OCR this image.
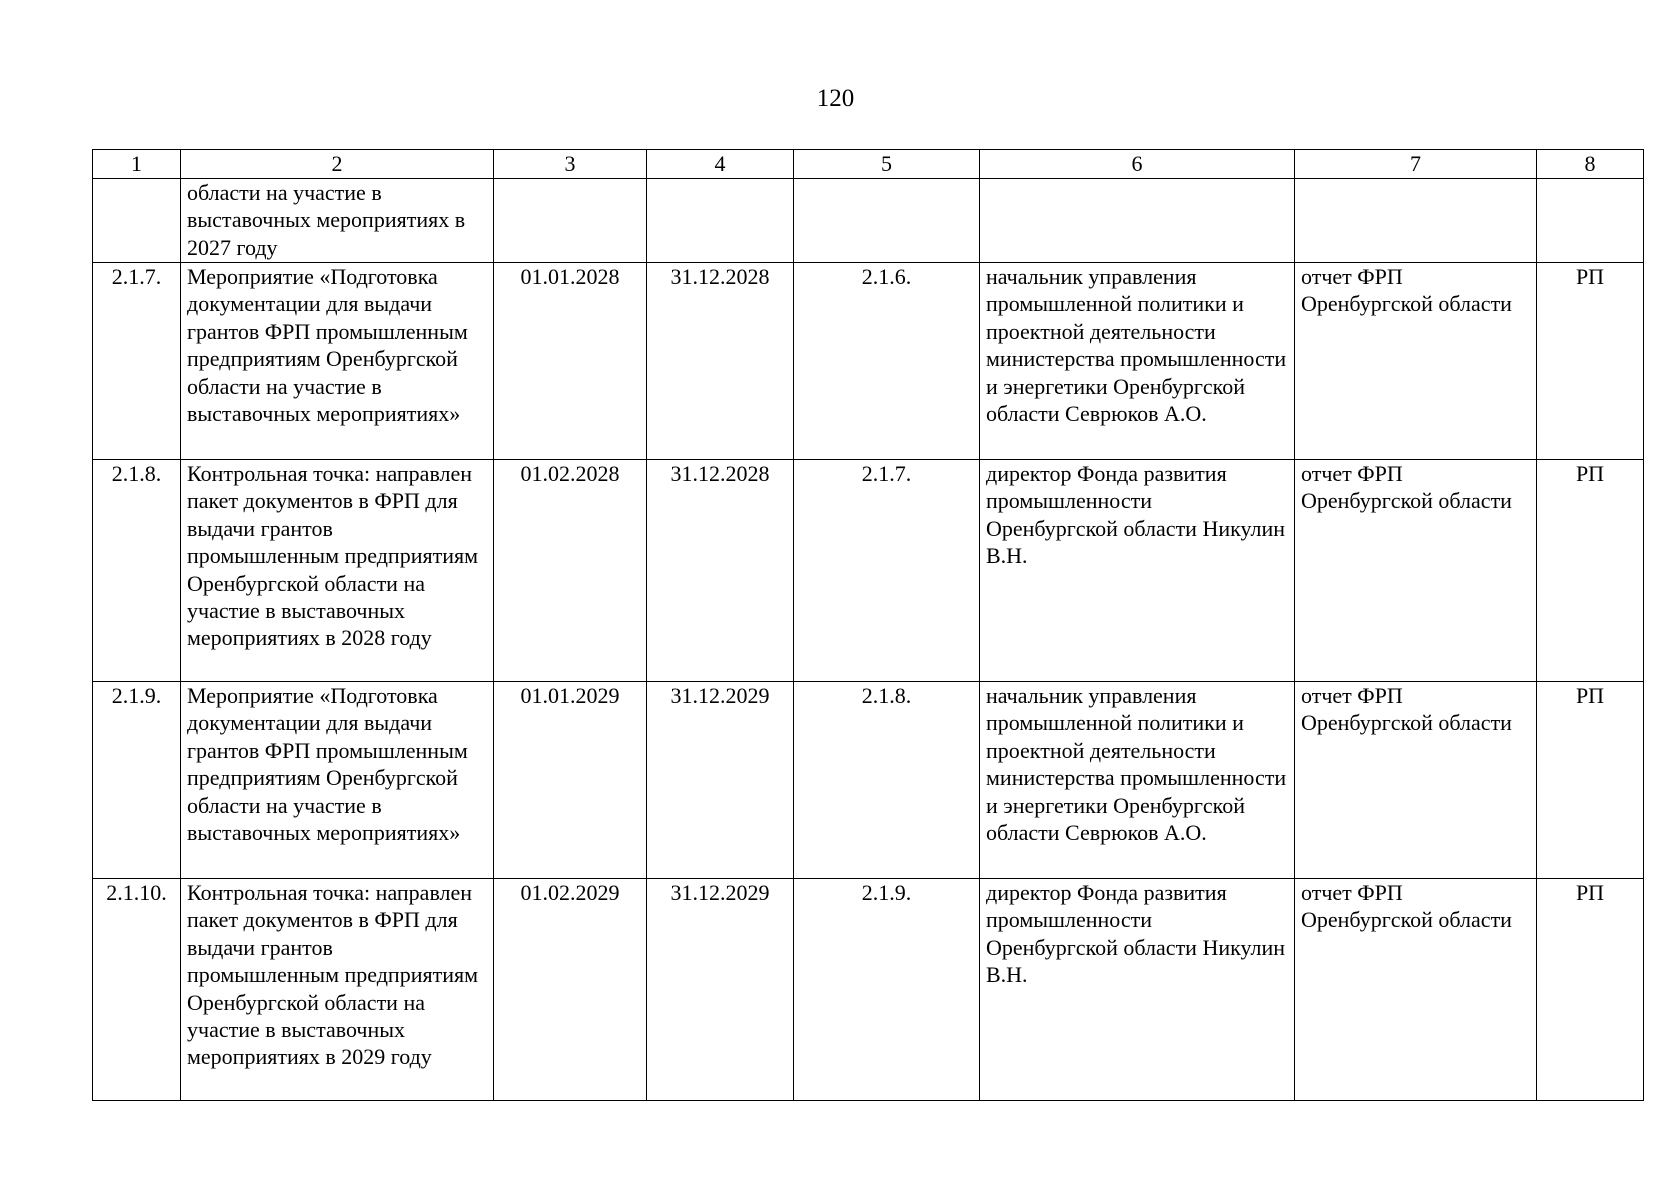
120
1	2	3	4	5	6	7	8
	области на участие в выставочных мероприятиях в 2027 году						
2.1.7.	Мероприятие «Подготовка документации для выдачи грантов ФРП промышленным предприятиям Оренбургской области на участие в выставочных мероприятиях»	01.01.2028	31.12.2028	2.1.6.	начальник управления промышленной политики и проектной деятельности министерства промышленности и энергетики Оренбургской области Севрюков А.О.	отчет ФРП Оренбургской области	РП
2.1.8.	Контрольная точка: направлен пакет документов в ФРП для выдачи грантов промышленным предприятиям Оренбургской области на участие в выставочных мероприятиях в 2028 году	01.02.2028	31.12.2028	2.1.7.	директор Фонда развития промышленности Оренбургской области Никулин В.Н.	отчет ФРП Оренбургской области	РП
2.1.9.	Мероприятие «Подготовка документации для выдачи грантов ФРП промышленным предприятиям Оренбургской области на участие в выставочных мероприятиях»	01.01.2029	31.12.2029	2.1.8.	начальник управления промышленной политики и проектной деятельности министерства промышленности и энергетики Оренбургской области Севрюков А.О.	отчет ФРП Оренбургской области	РП
2.1.10.	Контрольная точка: направлен пакет документов в ФРП для выдачи грантов промышленным предприятиям Оренбургской области на участие в выставочных мероприятиях в 2029 году	01.02.2029	31.12.2029	2.1.9.	директор Фонда развития промышленности Оренбургской области Никулин В.Н.	отчет ФРП Оренбургской области	РП
